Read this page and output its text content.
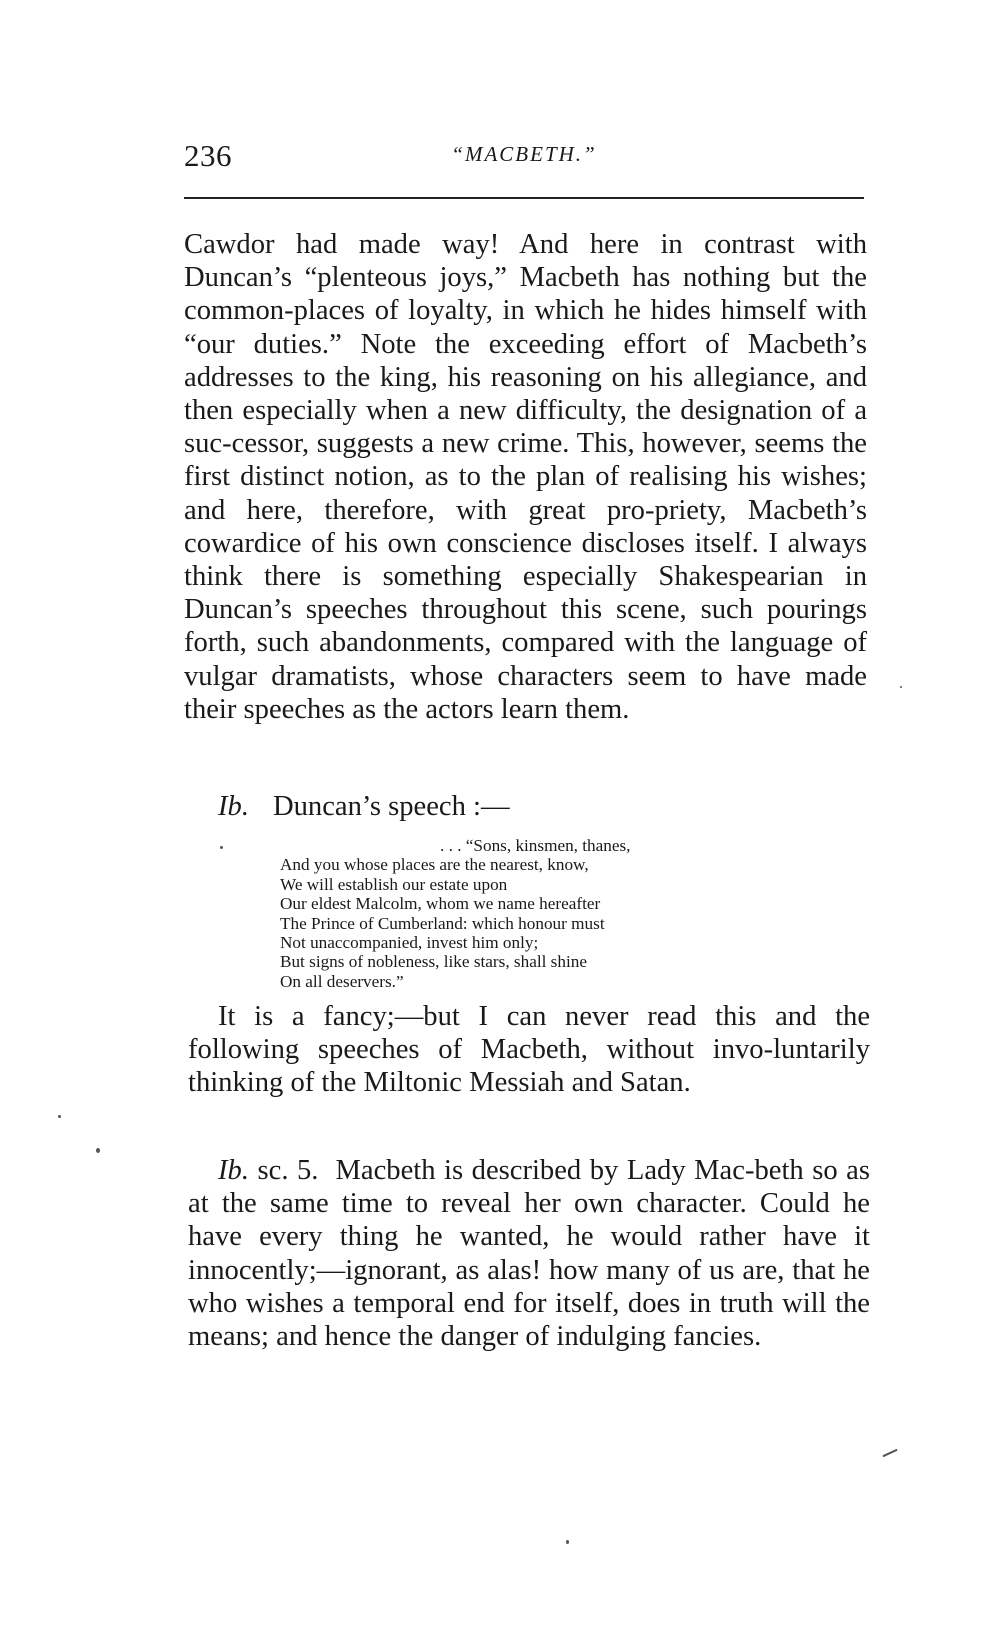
236	“MACBETH.”

Cawdor had made way! And here in contrast with Duncan’s “plenteous joys,” Macbeth has nothing but the common-places of loyalty, in which he hides himself with “our duties.” Note the exceeding effort of Macbeth’s addresses to the king, his reasoning on his allegiance, and then especially when a new difficulty, the designation of a suc-cessor, suggests a new crime. This, however, seems the first distinct notion, as to the plan of realising his wishes; and here, therefore, with great pro-priety, Macbeth’s cowardice of his own conscience discloses itself. I always think there is something especially Shakespearian in Duncan’s speeches throughout this scene, such pourings forth, such abandonments, compared with the language of vulgar dramatists, whose characters seem to have made their speeches as the actors learn them.

Ib. Duncan’s speech :—
. . . “Sons, kinsmen, thanes,
And you whose places are the nearest, know,
We will establish our estate upon
Our eldest Malcolm, whom we name hereafter
The Prince of Cumberland: which honour must
Not unaccompanied, invest him only;
But signs of nobleness, like stars, shall shine
On all deservers.”

It is a fancy;—but I can never read this and the following speeches of Macbeth, without invo-luntarily thinking of the Miltonic Messiah and Satan.

Ib. sc. 5. Macbeth is described by Lady Mac-beth so as at the same time to reveal her own character. Could he have every thing he wanted, he would rather have it innocently;—ignorant, as alas! how many of us are, that he who wishes a temporal end for itself, does in truth will the means; and hence the danger of indulging fancies.
